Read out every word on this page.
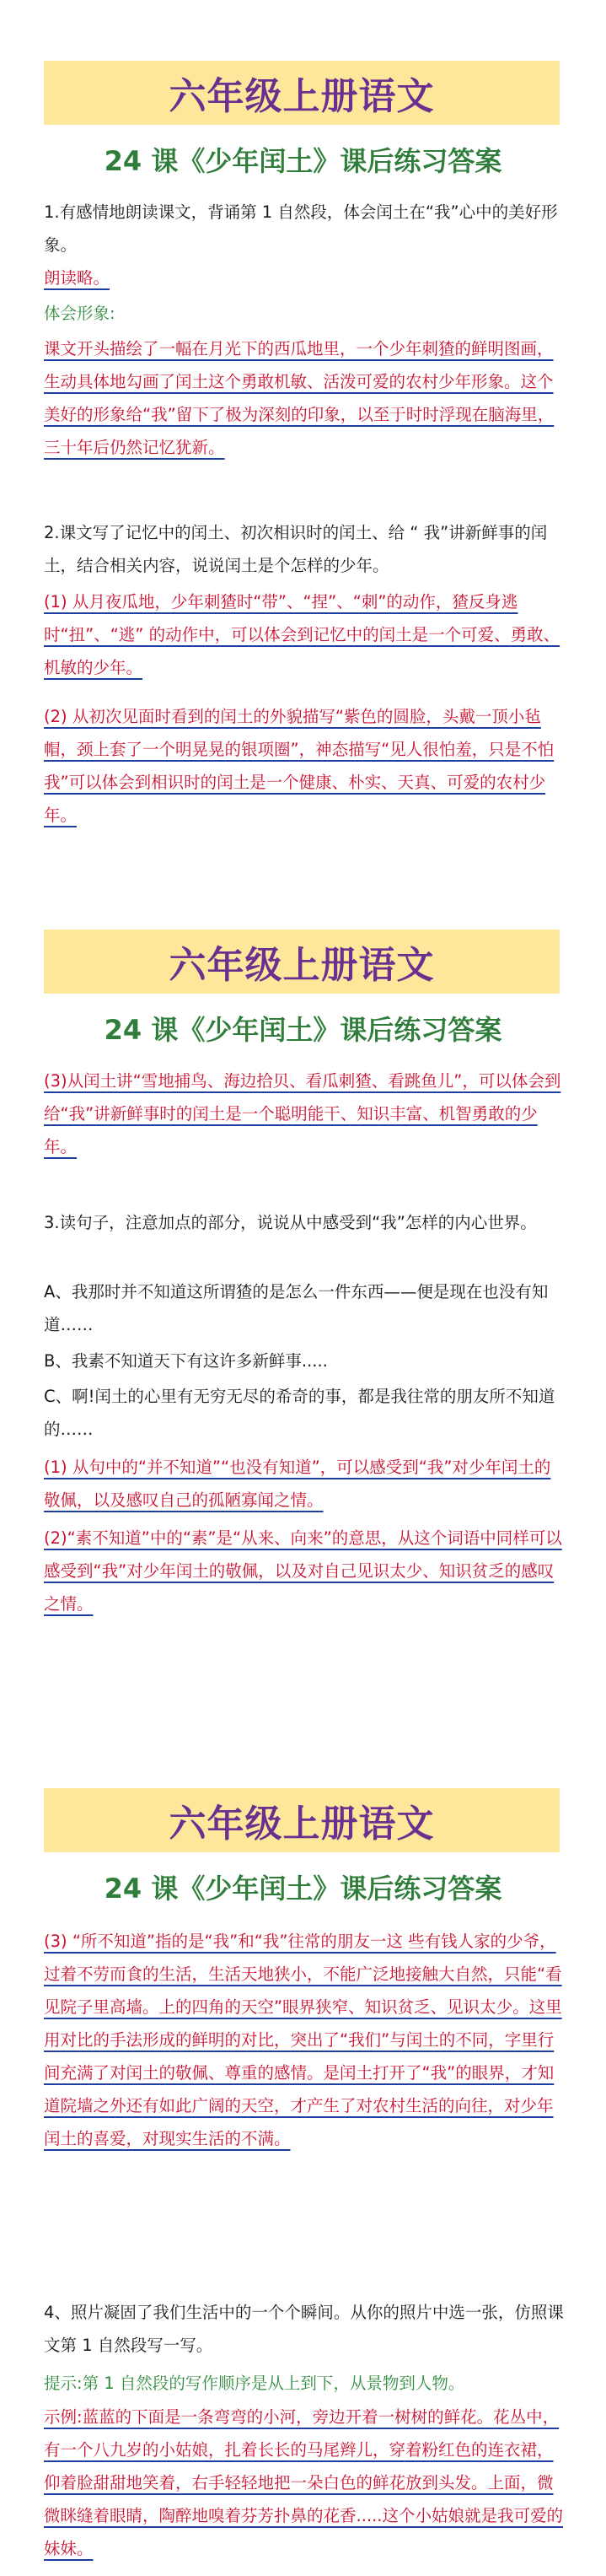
六年级上册语文
24 课《少年闰土》课后练习答案

1.有感情地朗读课文，背诵第 1 自然段，体会闰土在“我”心中的美好形象。

朗读略。

体会形象:

课文开头描绘了一幅在月光下的西瓜地里，一个少年刺猹的鲜明图画，生动具体地勾画了闰土这个勇敢机敏、活泼可爱的农村少年形象。这个美好的形象给“我”留下了极为深刻的印象，以至于时时浮现在脑海里，三十年后仍然记忆犹新。

2.课文写了记忆中的闰土、初次相识时的闰土、给 “ 我”讲新鲜事的闰土，结合相关内容，说说闰土是个怎样的少年。

(1) 从月夜瓜地，少年刺猹时“带”、“捏”、“刺”的动作，猹反身逃时“扭”、“逃” 的动作中，可以体会到记忆中的闰土是一个可爱、勇敢、机敏的少年。

(2) 从初次见面时看到的闰土的外貌描写“紫色的圆脸，头戴一顶小毡帽，颈上套了一个明晃晃的银项圈”，神态描写“见人很怕羞，只是不怕我”可以体会到相识时的闰土是一个健康、朴实、天真、可爱的农村少年。

六年级上册语文
24 课《少年闰土》课后练习答案

(3)从闰土讲“雪地捕鸟、海边拾贝、看瓜刺猹、看跳鱼儿”，可以体会到给“我”讲新鲜事时的闰土是一个聪明能干、知识丰富、机智勇敢的少年。

3.读句子，注意加点的部分，说说从中感受到“我”怎样的内心世界。

A、我那时并不知道这所谓猹的是怎么一件东西——便是现在也没有知道……

B、我素不知道天下有这许多新鲜事.....

C、啊!闰土的心里有无穷无尽的希奇的事，都是我往常的朋友所不知道的……

(1) 从句中的“并不知道”“也没有知道”，可以感受到“我”对少年闰土的敬佩，以及感叹自己的孤陋寡闻之情。

(2)“素不知道”中的“素”是“从来、向来”的意思，从这个词语中同样可以感受到“我”对少年闰土的敬佩，以及对自己见识太少、知识贫乏的感叹之情。

六年级上册语文
24 课《少年闰土》课后练习答案

(3) “所不知道”指的是“我”和“我”往常的朋友一这 些有钱人家的少爷，过着不劳而食的生活，生活天地狭小，不能广泛地接触大自然，只能“看见院子里高墙。上的四角的天空”眼界狭窄、知识贫乏、见识太少。这里用对比的手法形成的鲜明的对比，突出了“我们”与闰土的不同，字里行间充满了对闰土的敬佩、尊重的感情。是闰土打开了“我”的眼界，才知道院墙之外还有如此广阔的天空，才产生了对农村生活的向往，对少年闰土的喜爱，对现实生活的不满。

4、照片凝固了我们生活中的一个个瞬间。从你的照片中选一张，仿照课文第 1 自然段写一写。

提示:第 1 自然段的写作顺序是从上到下，从景物到人物。

示例:蓝蓝的下面是一条弯弯的小河，旁边开着一树树的鲜花。花丛中，有一个八九岁的小姑娘，扎着长长的马尾辫儿，穿着粉红色的连衣裙，仰着脸甜甜地笑着，右手轻轻地把一朵白色的鲜花放到头发。上面，微微眯缝着眼睛，陶醉地嗅着芬芳扑鼻的花香.....这个小姑娘就是我可爱的妹妹。
